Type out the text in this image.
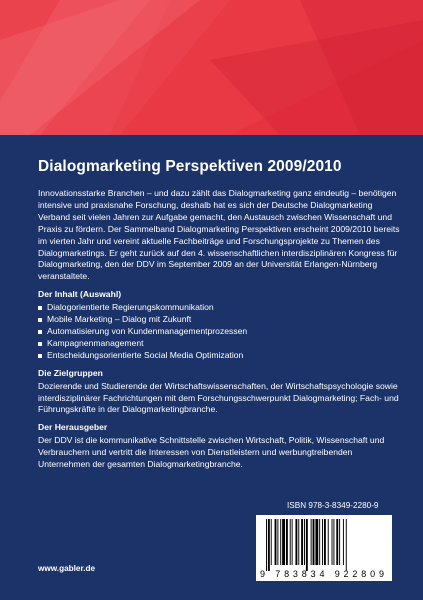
Dialogmarketing Perspektiven 2009/2010

Innovationsstarke Branchen – und dazu zählt das Dialogmarketing ganz eindeutig – benötigen intensive und praxisnahe Forschung, deshalb hat es sich der Deutsche Dialogmarketing Verband seit vielen Jahren zur Aufgabe gemacht, den Austausch zwischen Wissenschaft und Praxis zu fördern. Der Sammelband Dialogmarketing Perspektiven erscheint 2009/2010 bereits im vierten Jahr und vereint aktuelle Fachbeiträge und Forschungsprojekte zu Themen des Dialogmarketings. Er geht zurück auf den 4. wissenschaftlichen interdisziplinären Kongress für Dialogmarketing, den der DDV im September 2009 an der Universität Erlangen-Nürnberg veranstaltete.

Der Inhalt (Auswahl)
Dialogorientierte Regierungskommunikation
Mobile Marketing – Dialog mit Zukunft
Automatisierung von Kundenmanagementprozessen
Kampagnenmanagement
Entscheidungsorientierte Social Media Optimization
Die Zielgruppen

Dozierende und Studierende der Wirtschaftswissenschaften, der Wirtschaftspsychologie sowie interdisziplinärer Fachrichtungen mit dem Forschungsschwerpunkt Dialogmarketing; Fach- und Führungskräfte in der Dialogmarketingbranche.

Der Herausgeber

Der DDV ist die kommunikative Schnittstelle zwischen Wirtschaft, Politik, Wissenschaft und Verbrauchern und vertritt die Interessen von Dienstleistern und werbungtreibenden Unternehmen der gesamten Dialogmarketingbranche.

ISBN 978-3-8349-2280-9
9 783834 922809
www.gabler.de
